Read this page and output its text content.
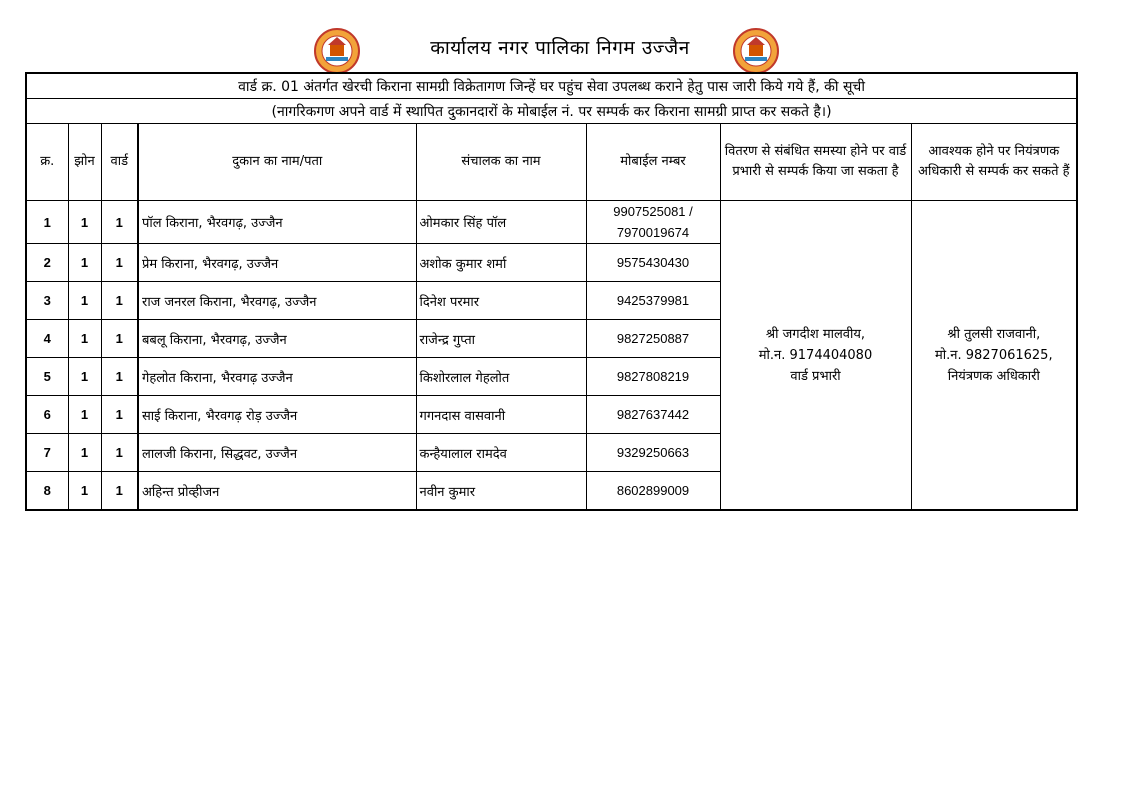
कार्यालय नगर पालिका निगम उज्जैन
वार्ड क्र. 01 अंतर्गत खेरची किराना सामग्री विक्रेतागण जिन्हें घर पहुंच सेवा उपलब्ध कराने हेतु पास जारी किये गये हैं, की सूची							
(नागरिकगण अपने वार्ड में स्थापित दुकानदारों के मोबाईल नं. पर सम्पर्क कर किराना सामग्री प्राप्त कर सकते है।)							
क्र.	झोन	वार्ड	दुकान का नाम/पता	संचालक का नाम	मोबाईल नम्बर	वितरण से संबंधित समस्या होने पर वार्ड प्रभारी से सम्पर्क किया जा सकता है	आवश्यक होने पर नियंत्रणक अधिकारी से सम्पर्क कर सकते हैं
1	1	1	पॉल किराना, भैरवगढ़, उज्जैन	ओमकार सिंह पॉल	9907525081 /
7970019674	श्री जगदीश मालवीय,
मो.न. 9174404080
वार्ड प्रभारी	श्री तुलसी राजवानी,
मो.न. 9827061625,
नियंत्रणक अधिकारी
2	1	1	प्रेम किराना, भैरवगढ़, उज्जैन	अशोक कुमार शर्मा	9575430430		
3	1	1	राज जनरल किराना, भैरवगढ़, उज्जैन	दिनेश परमार	9425379981		
4	1	1	बबलू किराना, भैरवगढ़, उज्जैन	राजेन्द्र गुप्ता	9827250887		
5	1	1	गेहलोत किराना, भैरवगढ़ उज्जैन	किशोरलाल गेहलोत	9827808219		
6	1	1	साई किराना, भैरवगढ़ रोड़ उज्जैन	गगनदास वासवानी	9827637442		
7	1	1	लालजी किराना, सिद्धवट, उज्जैन	कन्हैयालाल रामदेव	9329250663		
8	1	1	अहिन्त प्रोव्हीजन	नवीन कुमार	8602899009		
